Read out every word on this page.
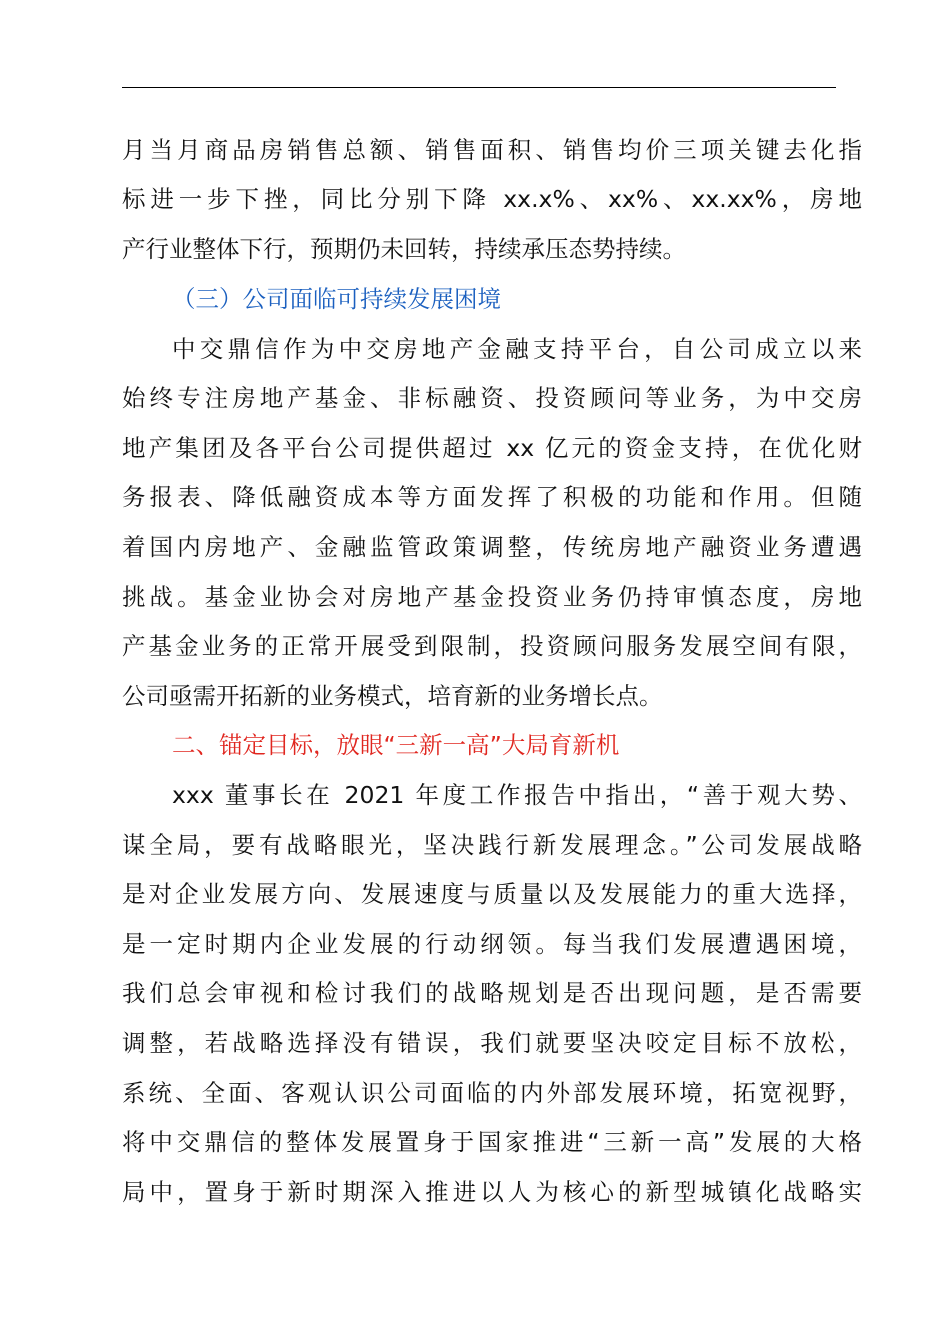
月当月商品房销售总额、销售面积、销售均价三项关键去化指
标进一步下挫，同比分别下降 xx.x%、xx%、xx.xx%，房地
产行业整体下行，预期仍未回转，持续承压态势持续。
（三）公司面临可持续发展困境
中交鼎信作为中交房地产金融支持平台，自公司成立以来
始终专注房地产基金、非标融资、投资顾问等业务，为中交房
地产集团及各平台公司提供超过 xx 亿元的资金支持，在优化财
务报表、降低融资成本等方面发挥了积极的功能和作用。但随
着国内房地产、金融监管政策调整，传统房地产融资业务遭遇
挑战。基金业协会对房地产基金投资业务仍持审慎态度，房地
产基金业务的正常开展受到限制，投资顾问服务发展空间有限，
公司亟需开拓新的业务模式，培育新的业务增长点。
二、锚定目标，放眼“三新一高”大局育新机
xxx 董事长在 2021 年度工作报告中指出，“善于观大势、
谋全局，要有战略眼光，坚决践行新发展理念。”公司发展战略
是对企业发展方向、发展速度与质量以及发展能力的重大选择，
是一定时期内企业发展的行动纲领。每当我们发展遭遇困境，
我们总会审视和检讨我们的战略规划是否出现问题，是否需要
调整，若战略选择没有错误，我们就要坚决咬定目标不放松，
系统、全面、客观认识公司面临的内外部发展环境，拓宽视野，
将中交鼎信的整体发展置身于国家推进“三新一高”发展的大格
局中，置身于新时期深入推进以人为核心的新型城镇化战略实
